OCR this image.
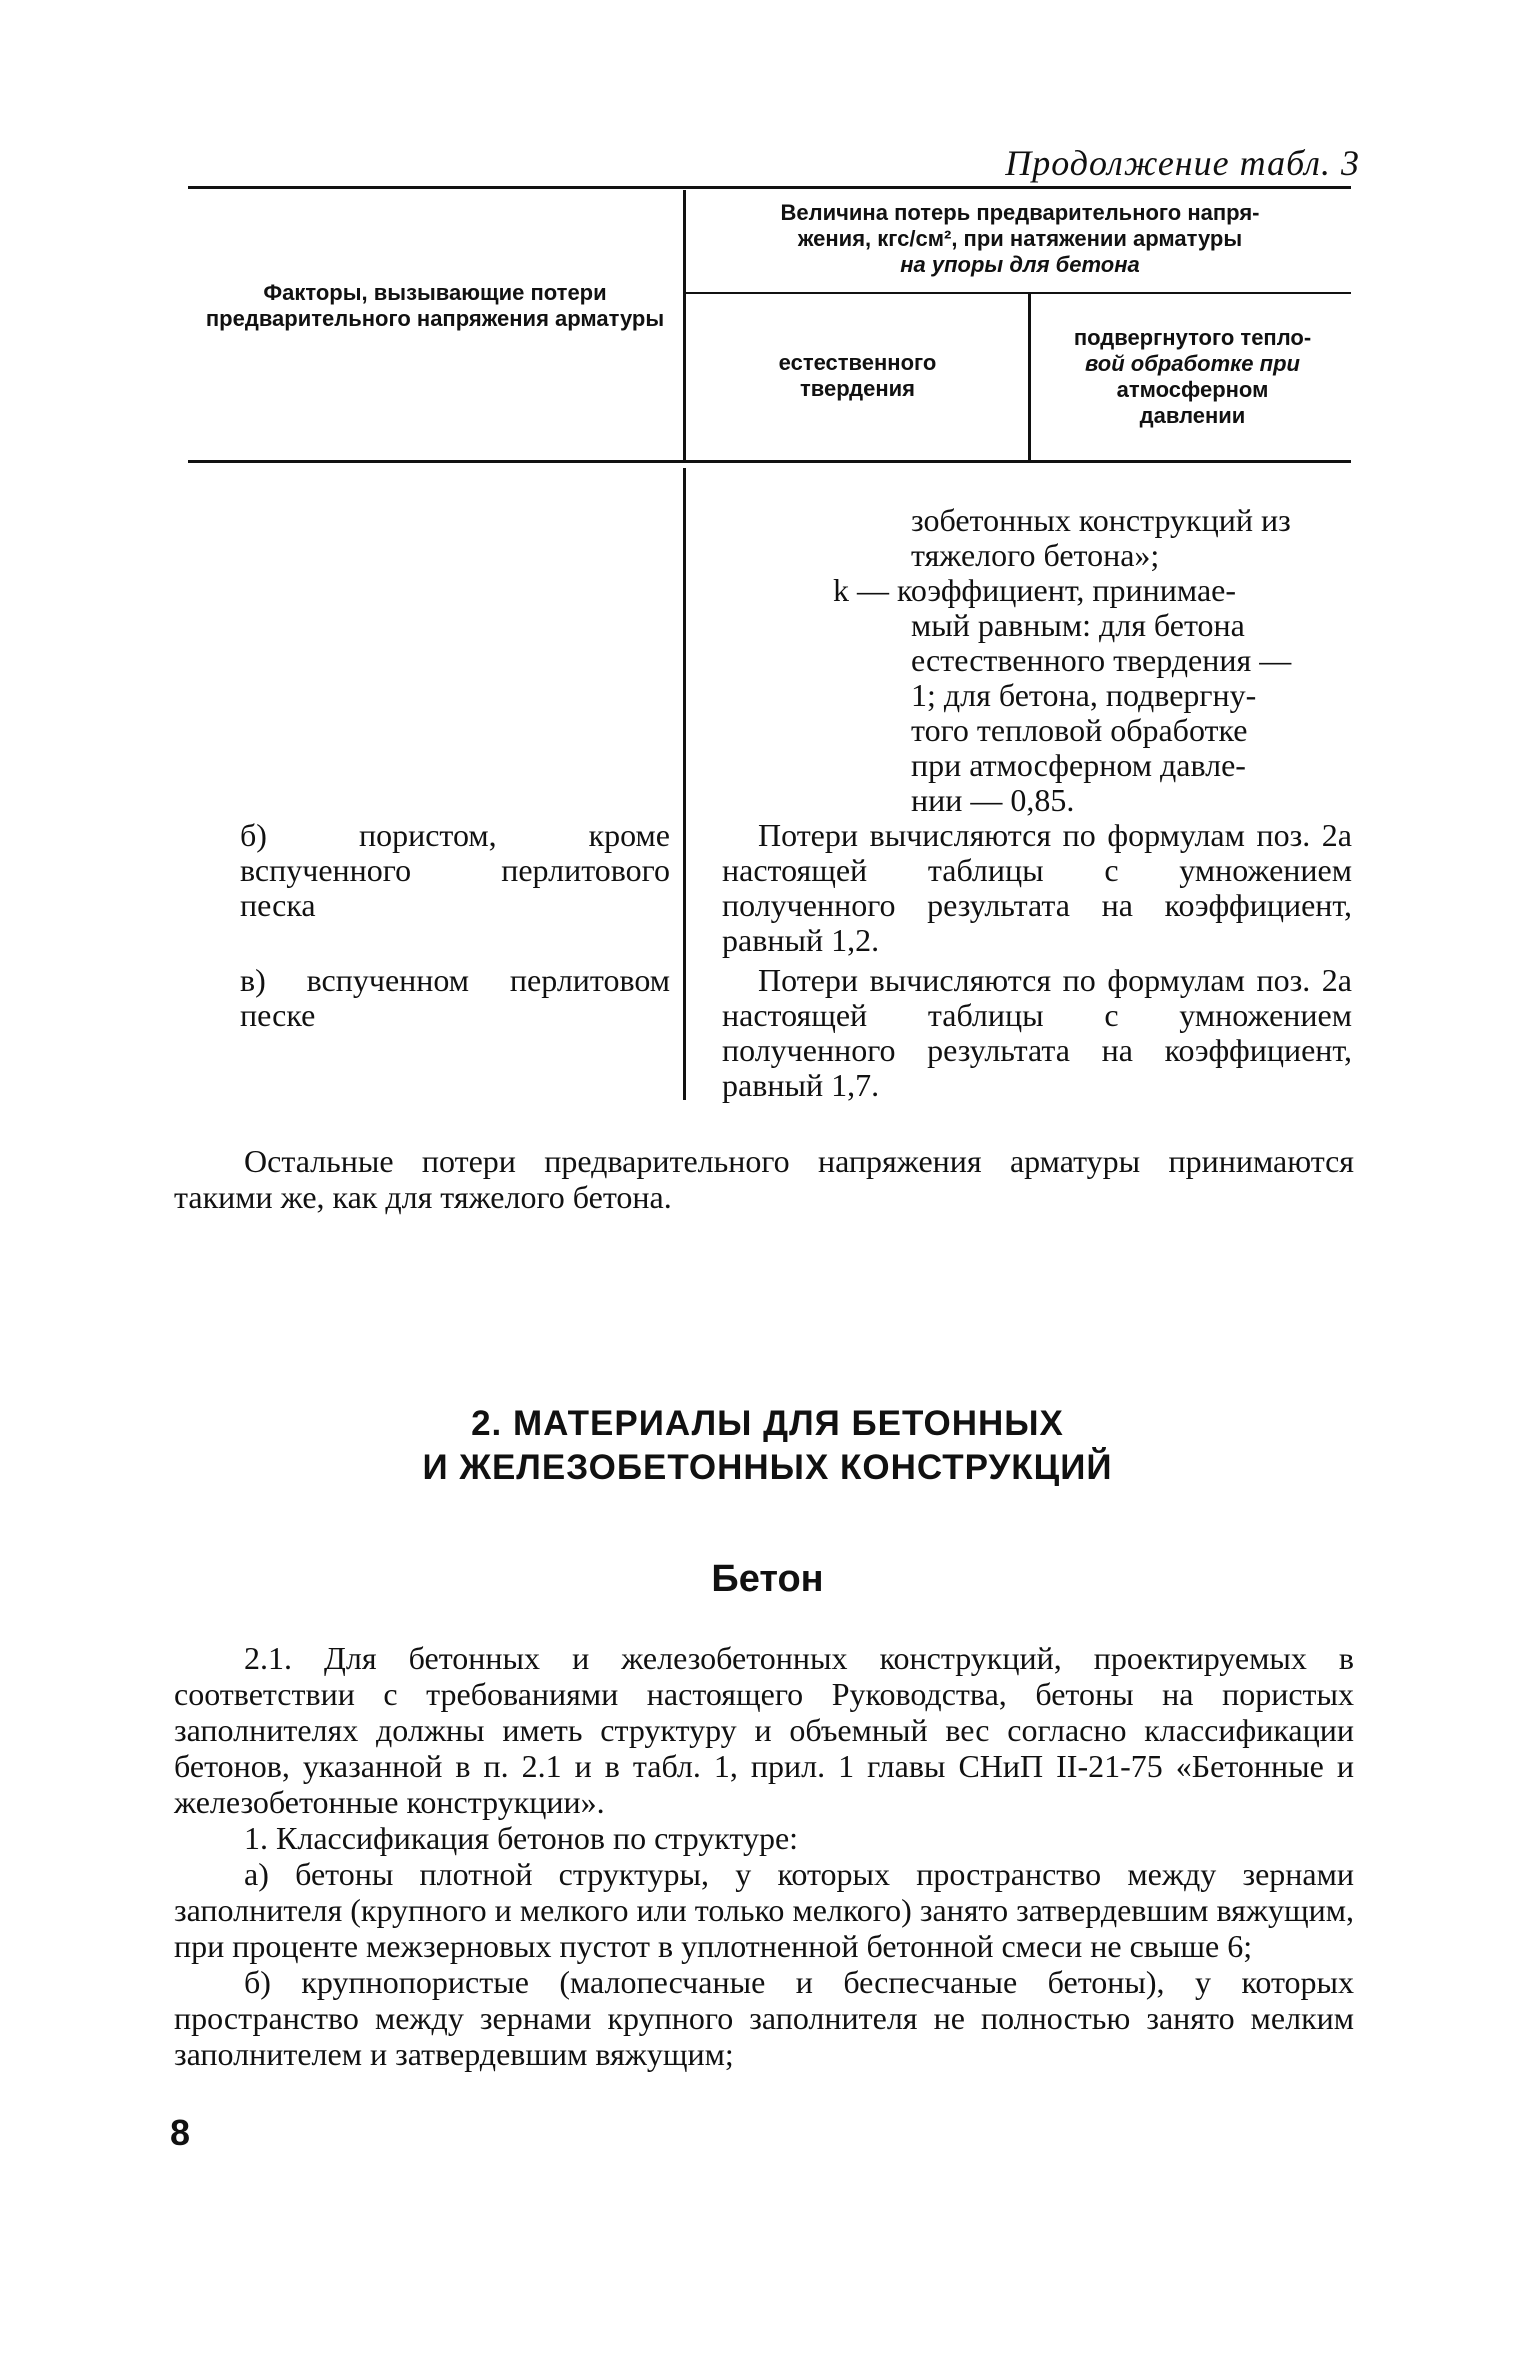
Продолжение табл. 3
Факторы, вызывающие потери предварительного напряжения арматуры
Величина потерь предварительного напря-
жения, кгс/см², при натяжении арматуры
на упоры для бетона
естественного
твердения
подвергнутого тепло-
вой обработке при
атмосферном
давлении
зобетонных конструкций из
тяжелого бетона»;
k — коэффициент, принимае-
мый равным: для бетона
естественного твердения —
1; для бетона, подвергну-
того тепловой обработке
при атмосферном давле-
нии — 0,85.
б) пористом, кроме вспученного перлитового песка
Потери вычисляются по формулам поз. 2а настоящей таблицы с умножением полученного результата на коэффициент, равный 1,2.
в) вспученном перлитовом песке
Потери вычисляются по формулам поз. 2а настоящей таблицы с умножением полученного результата на коэффициент, равный 1,7.

Остальные потери предварительного напряжения арматуры принимаются такими же, как для тяжелого бетона.

2. МАТЕРИАЛЫ ДЛЯ БЕТОННЫХ
И ЖЕЛЕЗОБЕТОННЫХ КОНСТРУКЦИЙ
Бетон

2.1. Для бетонных и железобетонных конструкций, проектируемых в соответствии с требованиями настоящего Руководства, бетоны на пористых заполнителях должны иметь структуру и объемный вес согласно классификации бетонов, указанной в п. 2.1 и в табл. 1, прил. 1 главы СНиП II-21-75 «Бетонные и железобетонные конструкции».

1. Классификация бетонов по структуре:

а) бетоны плотной структуры, у которых пространство между зернами заполнителя (крупного и мелкого или только мелкого) занято затвердевшим вяжущим, при проценте межзерновых пустот в уплотненной бетонной смеси не свыше 6;

б) крупнопористые (малопесчаные и беспесчаные бетоны), у которых пространство между зернами крупного заполнителя не полностью занято мелким заполнителем и затвердевшим вяжущим;

8
